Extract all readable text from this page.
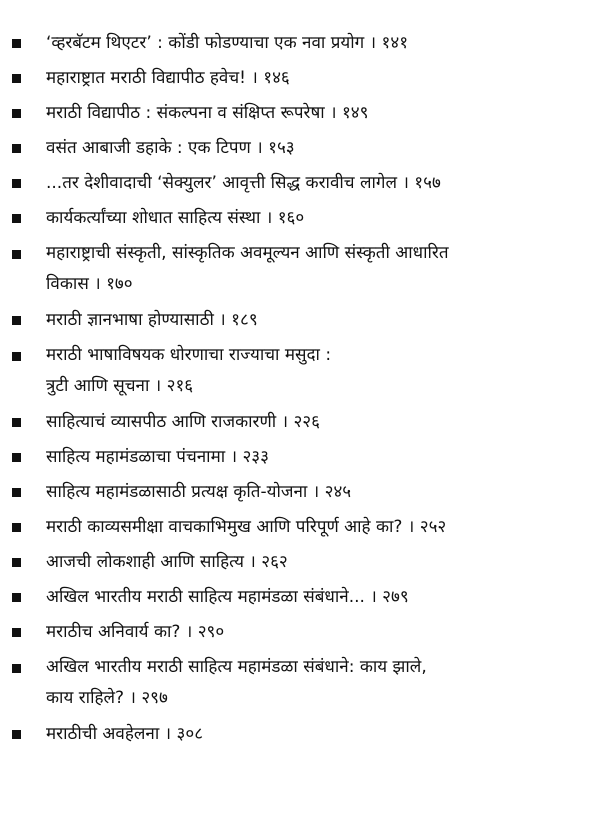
‘व्हरबॅटम थिएटर’ : कोंडी फोडण्याचा एक नवा प्रयोग । १४१
महाराष्ट्रात मराठी विद्यापीठ हवेच! । १४६
मराठी विद्यापीठ : संकल्पना व संक्षिप्त रूपरेषा । १४९
वसंत आबाजी डहाके : एक टिपण । १५३
...तर देशीवादाची ‘सेक्युलर’ आवृत्ती सिद्ध करावीच लागेल । १५७
कार्यकर्त्यांच्या शोधात साहित्य संस्था । १६०
महाराष्ट्राची संस्कृती, सांस्कृतिक अवमूल्यन आणि संस्कृती आधारित
विकास । १७०
मराठी ज्ञानभाषा होण्यासाठी । १८९
मराठी भाषाविषयक धोरणाचा राज्याचा मसुदा :
त्रुटी आणि सूचना । २१६
साहित्याचं व्यासपीठ आणि राजकारणी । २२६
साहित्य महामंडळाचा पंचनामा । २३३
साहित्य महामंडळासाठी प्रत्यक्ष कृति-योजना । २४५
मराठी काव्यसमीक्षा वाचकाभिमुख आणि परिपूर्ण आहे का? । २५२
आजची लोकशाही आणि साहित्य । २६२
अखिल भारतीय मराठी साहित्य महामंडळा संबंधाने... । २७९
मराठीच अनिवार्य का? । २९०
अखिल भारतीय मराठी साहित्य महामंडळा संबंधाने: काय झाले,
काय राहिले? । २९७
मराठीची अवहेलना । ३०८
